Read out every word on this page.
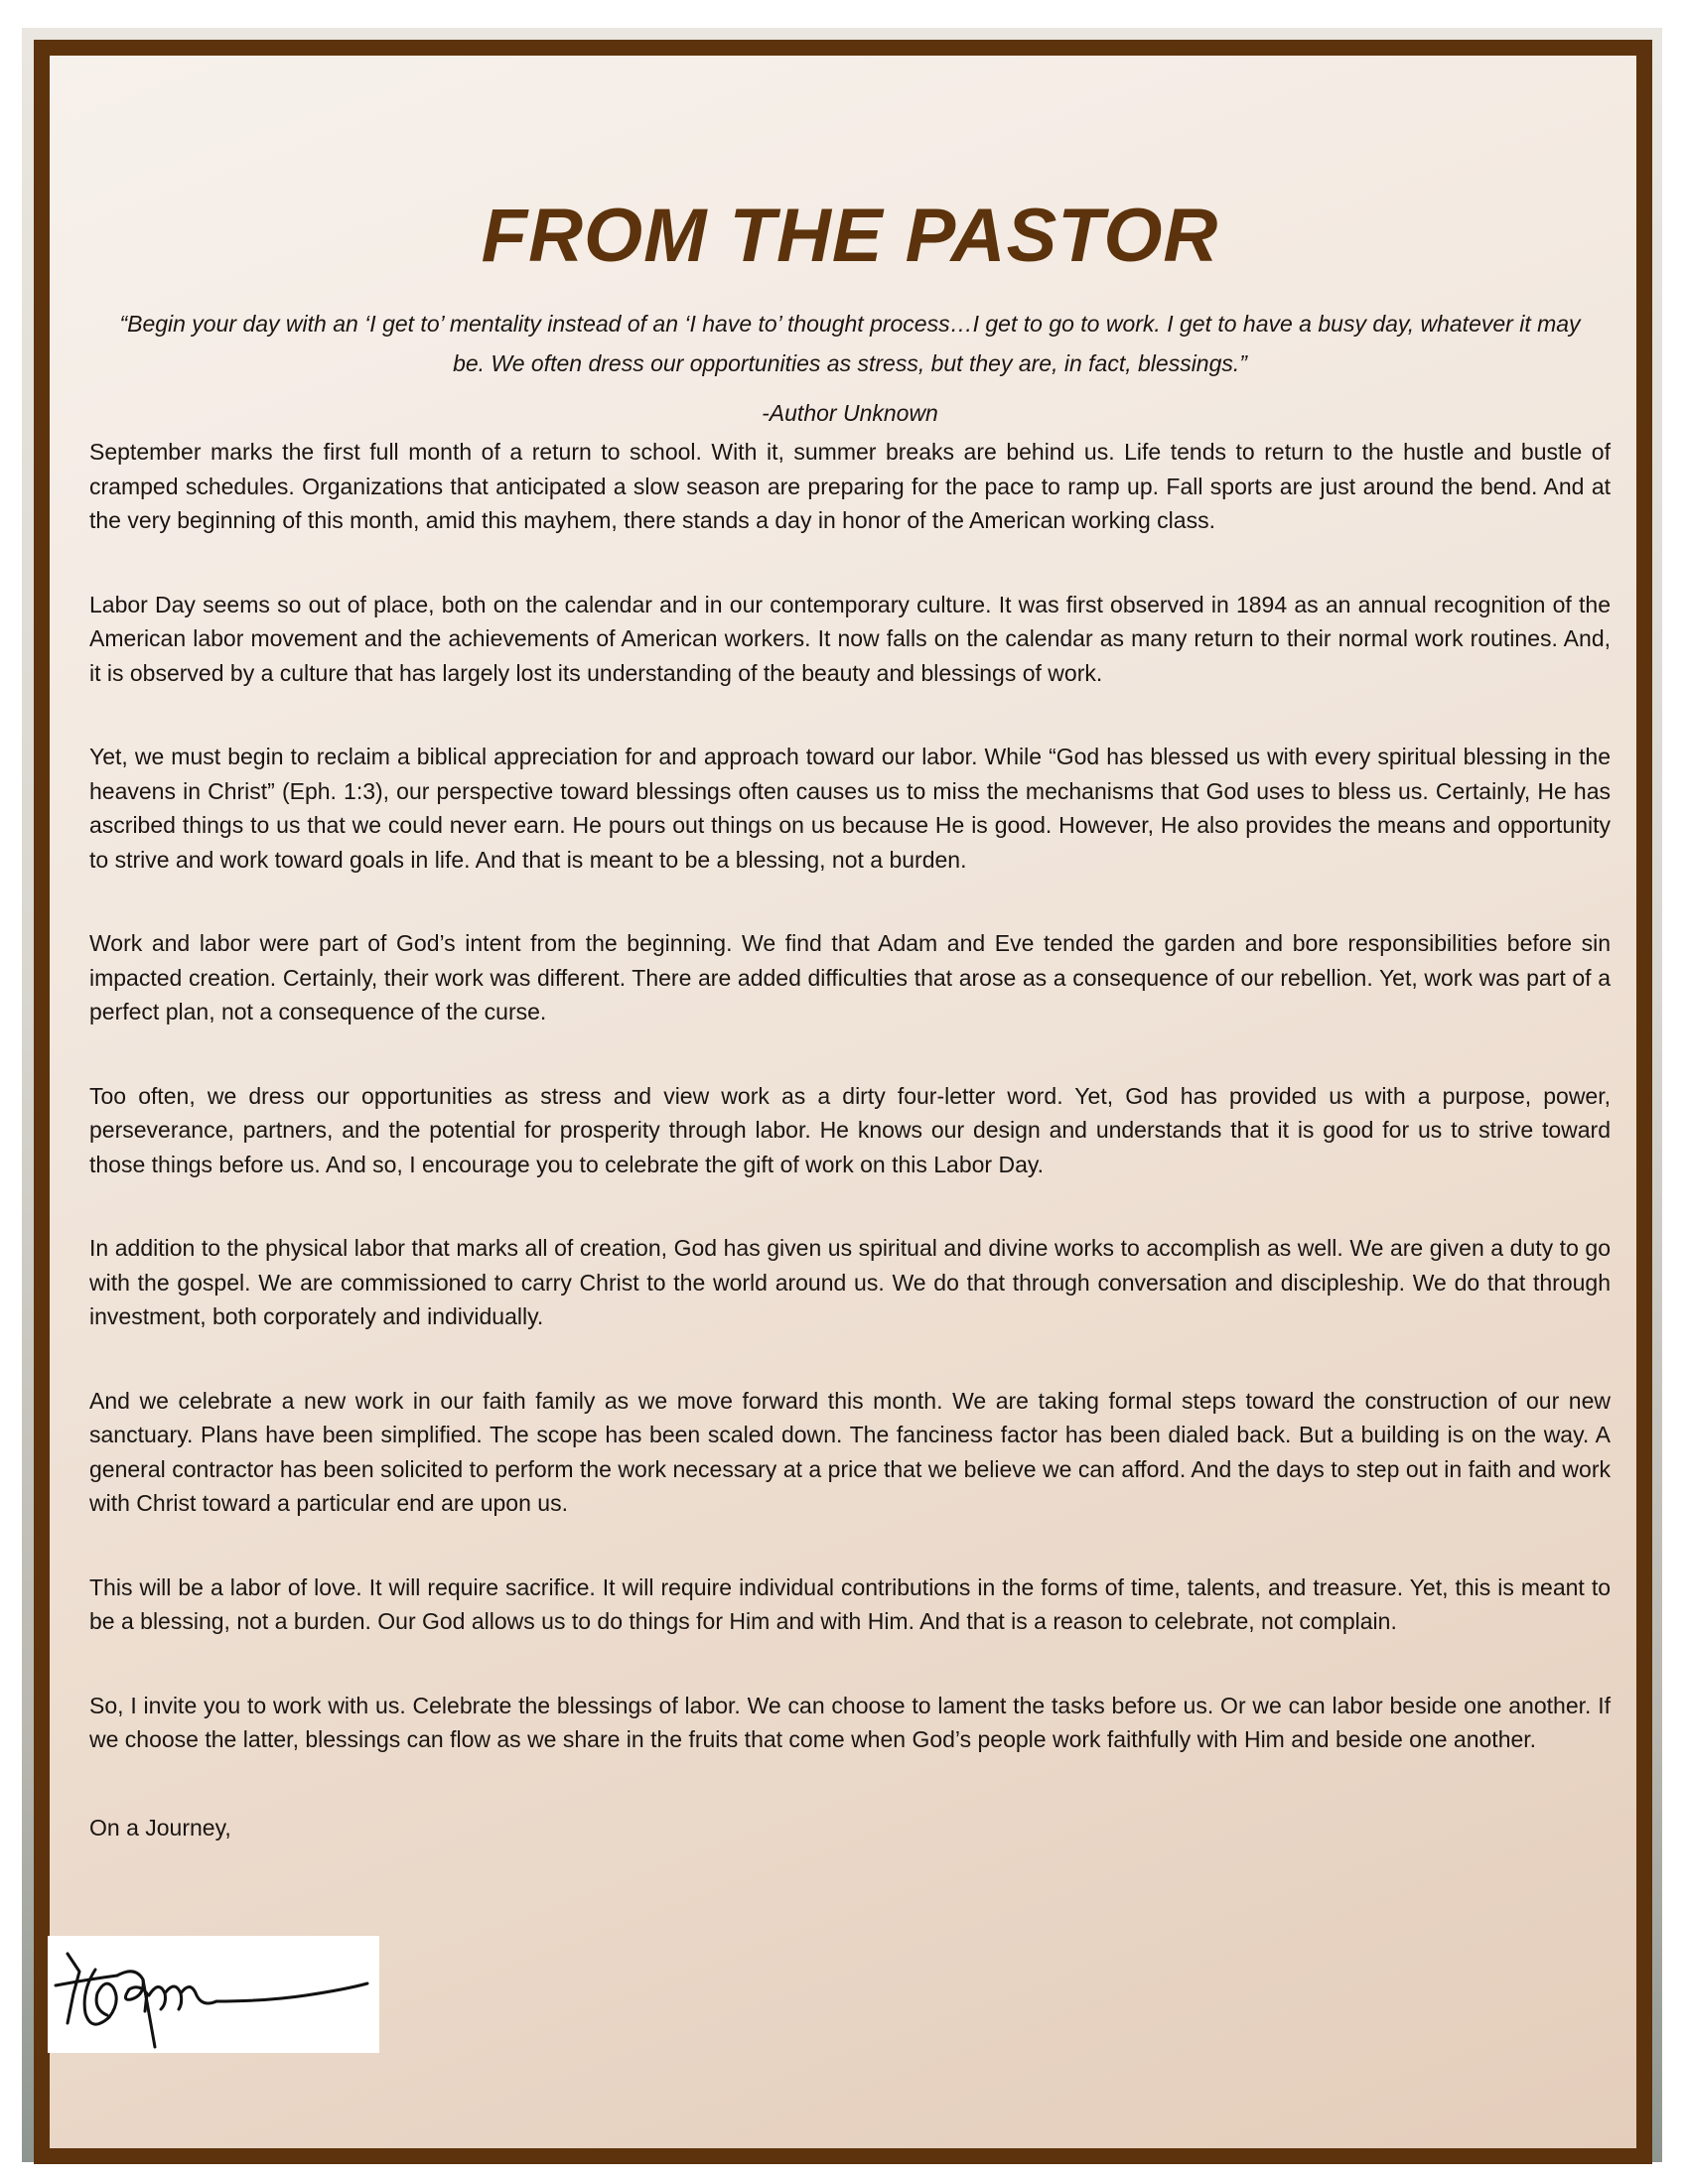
FROM THE PASTOR

“Begin your day with an ‘I get to’ mentality instead of an ‘I have to’ thought process…I get to go to work. I get to have a busy day, whatever it may be. We often dress our opportunities as stress, but they are, in fact, blessings.”

-Author Unknown

September marks the first full month of a return to school. With it, summer breaks are behind us. Life tends to return to the hustle and bustle of cramped schedules. Organizations that anticipated a slow season are preparing for the pace to ramp up. Fall sports are just around the bend. And at the very beginning of this month, amid this mayhem, there stands a day in honor of the American working class.

Labor Day seems so out of place, both on the calendar and in our contemporary culture. It was first observed in 1894 as an annual recognition of the American labor movement and the achievements of American workers. It now falls on the calendar as many return to their normal work routines. And, it is observed by a culture that has largely lost its understanding of the beauty and blessings of work.

Yet, we must begin to reclaim a biblical appreciation for and approach toward our labor. While “God has blessed us with every spiritual blessing in the heavens in Christ” (Eph. 1:3), our perspective toward blessings often causes us to miss the mechanisms that God uses to bless us. Certainly, He has ascribed things to us that we could never earn. He pours out things on us because He is good. However, He also provides the means and opportunity to strive and work toward goals in life. And that is meant to be a blessing, not a burden.

Work and labor were part of God’s intent from the beginning. We find that Adam and Eve tended the garden and bore responsibilities before sin impacted creation. Certainly, their work was different. There are added difficulties that arose as a consequence of our rebellion. Yet, work was part of a perfect plan, not a consequence of the curse.

Too often, we dress our opportunities as stress and view work as a dirty four-letter word. Yet, God has provided us with a purpose, power, perseverance, partners, and the potential for prosperity through labor. He knows our design and understands that it is good for us to strive toward those things before us. And so, I encourage you to celebrate the gift of work on this Labor Day.

In addition to the physical labor that marks all of creation, God has given us spiritual and divine works to accomplish as well. We are given a duty to go with the gospel. We are commissioned to carry Christ to the world around us. We do that through conversation and discipleship. We do that through investment, both corporately and individually.

And we celebrate a new work in our faith family as we move forward this month. We are taking formal steps toward the construction of our new sanctuary. Plans have been simplified. The scope has been scaled down. The fanciness factor has been dialed back. But a building is on the way. A general contractor has been solicited to perform the work necessary at a price that we believe we can afford. And the days to step out in faith and work with Christ toward a particular end are upon us.

This will be a labor of love. It will require sacrifice. It will require individual contributions in the forms of time, talents, and treasure. Yet, this is meant to be a blessing, not a burden. Our God allows us to do things for Him and with Him. And that is a reason to celebrate, not complain.

So, I invite you to work with us. Celebrate the blessings of labor. We can choose to lament the tasks before us. Or we can labor beside one another. If we choose the latter, blessings can flow as we share in the fruits that come when God’s people work faithfully with Him and beside one another.

On a Journey,
